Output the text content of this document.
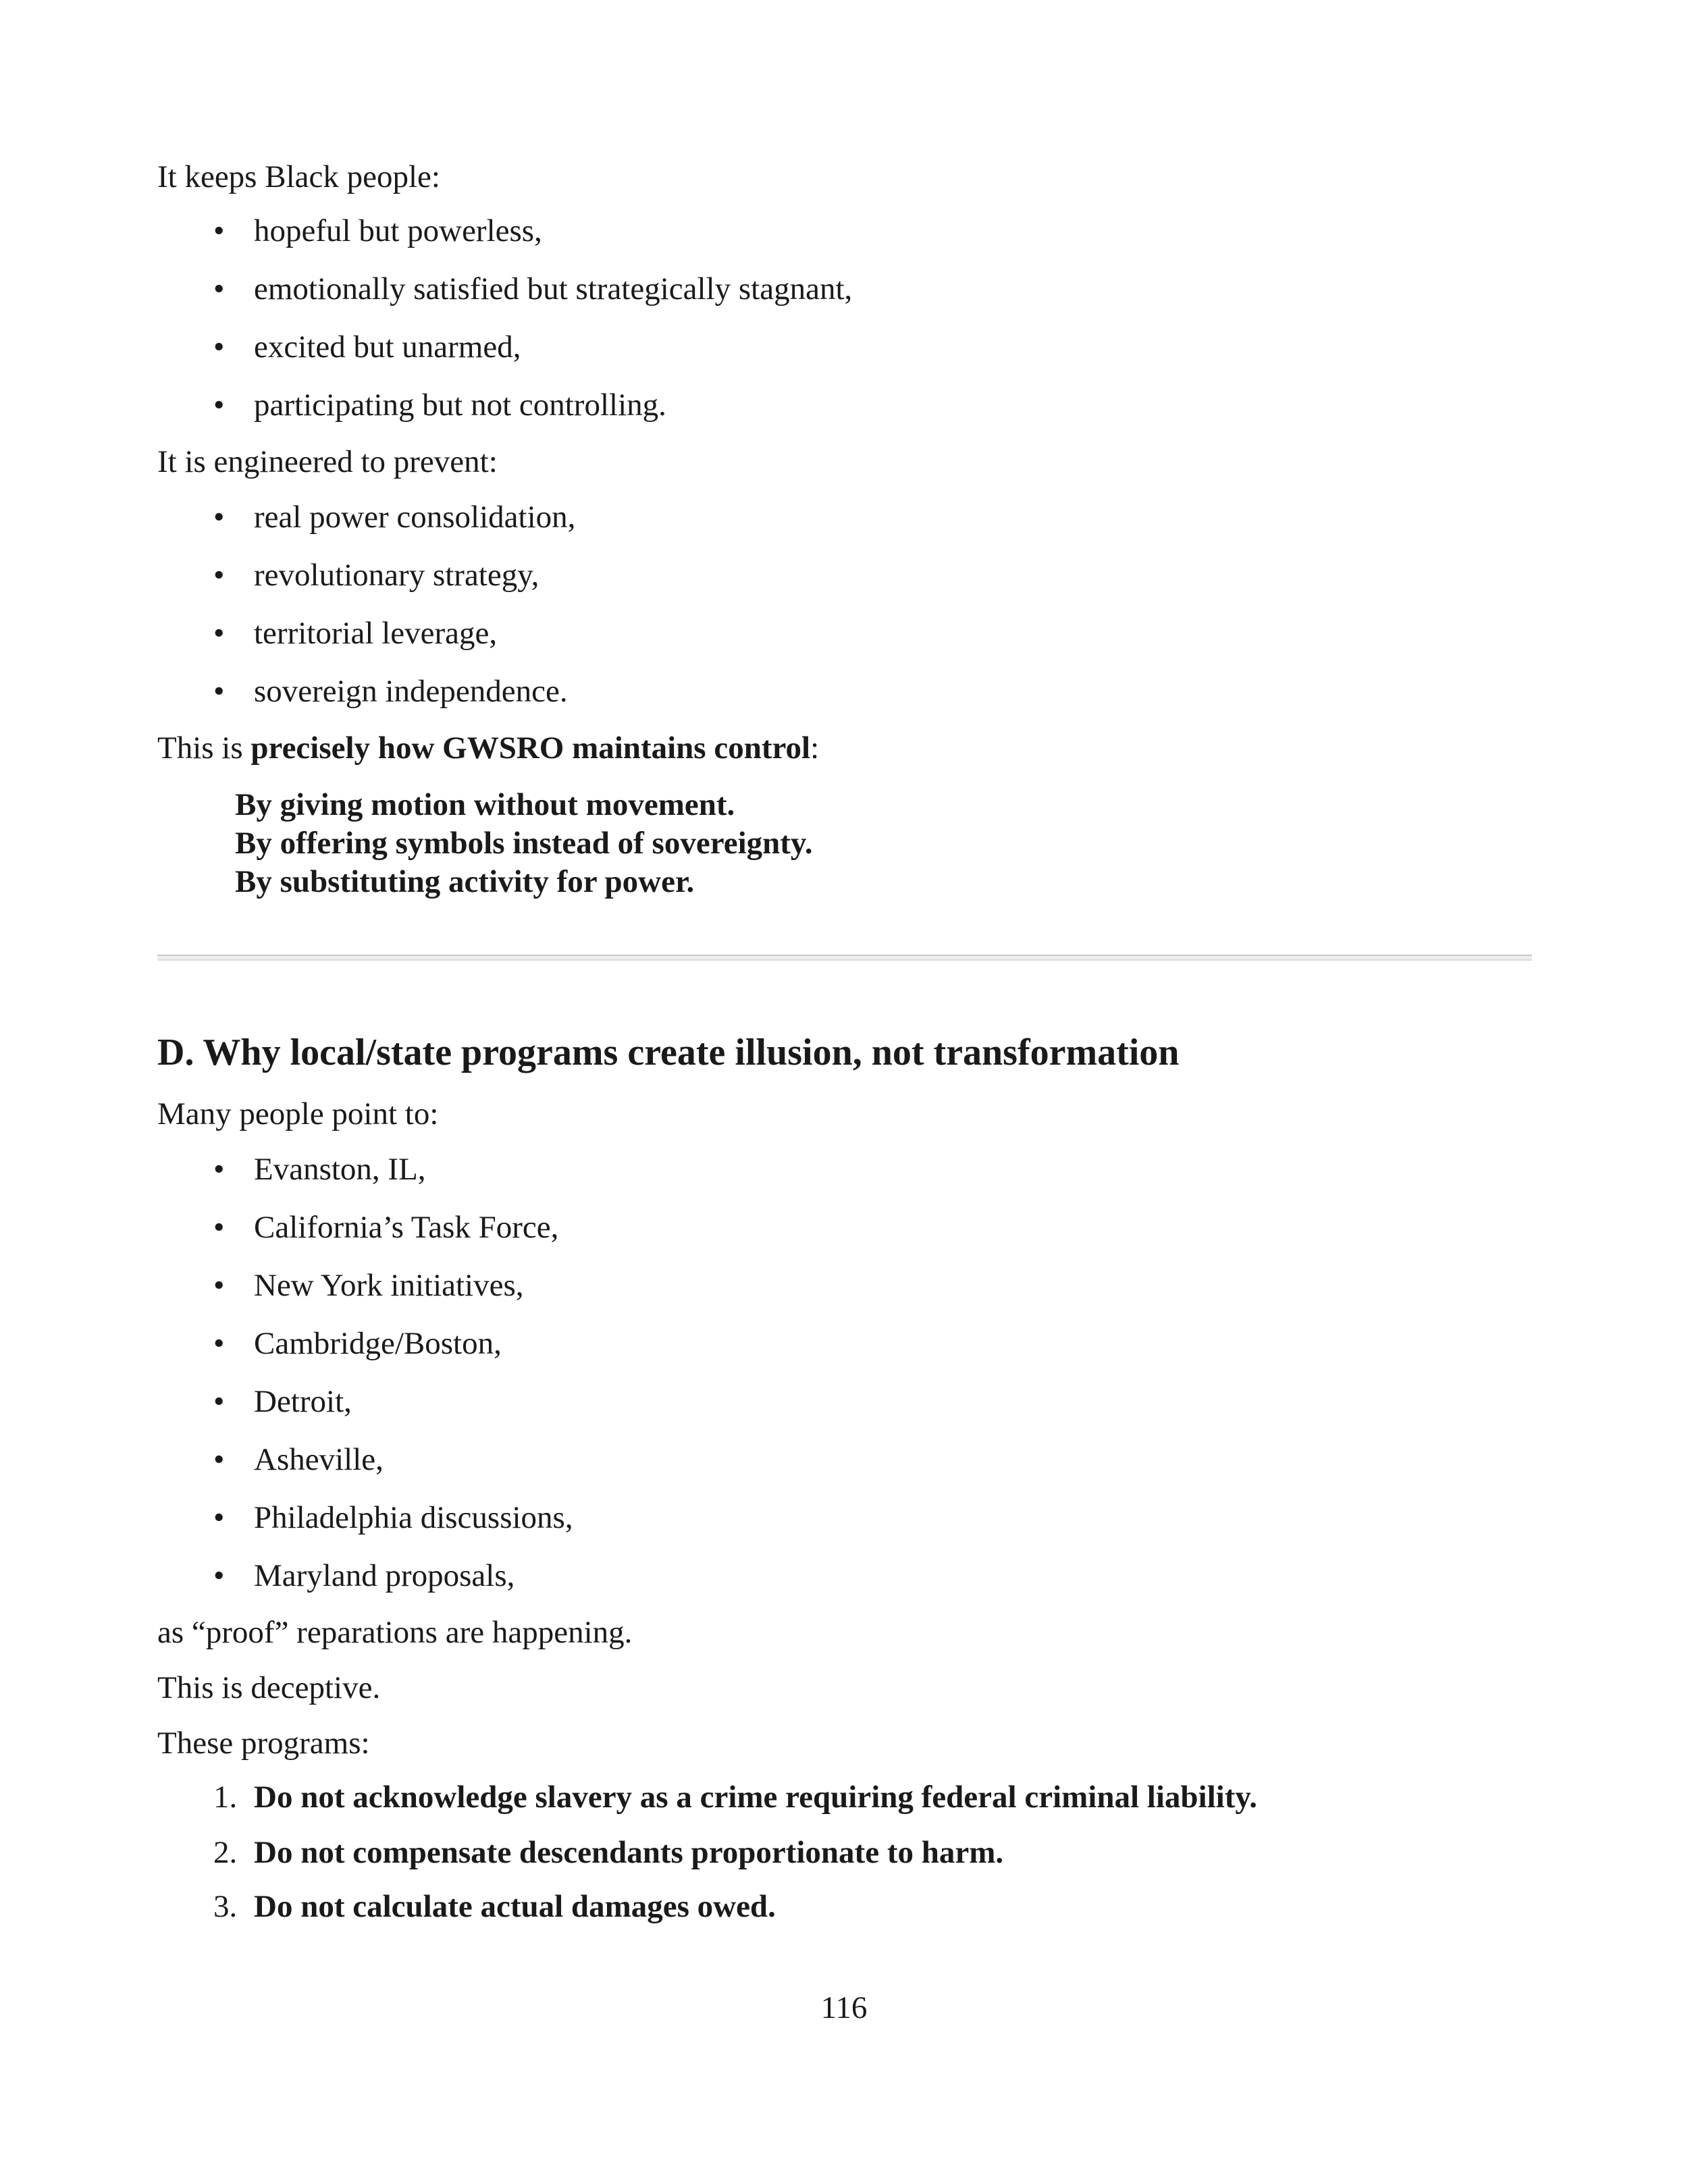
It keeps Black people:
• hopeful but powerless,
• emotionally satisfied but strategically stagnant,
• excited but unarmed,
• participating but not controlling.
It is engineered to prevent:
• real power consolidation,
• revolutionary strategy,
• territorial leverage,
• sovereign independence.
This is precisely how GWSRO maintains control:
By giving motion without movement.
By offering symbols instead of sovereignty.
By substituting activity for power.
D. Why local/state programs create illusion, not transformation
Many people point to:
• Evanston, IL,
• California’s Task Force,
• New York initiatives,
• Cambridge/Boston,
• Detroit,
• Asheville,
• Philadelphia discussions,
• Maryland proposals,
as “proof” reparations are happening.
This is deceptive.
These programs:
1. Do not acknowledge slavery as a crime requiring federal criminal liability.
2. Do not compensate descendants proportionate to harm.
3. Do not calculate actual damages owed.
116
